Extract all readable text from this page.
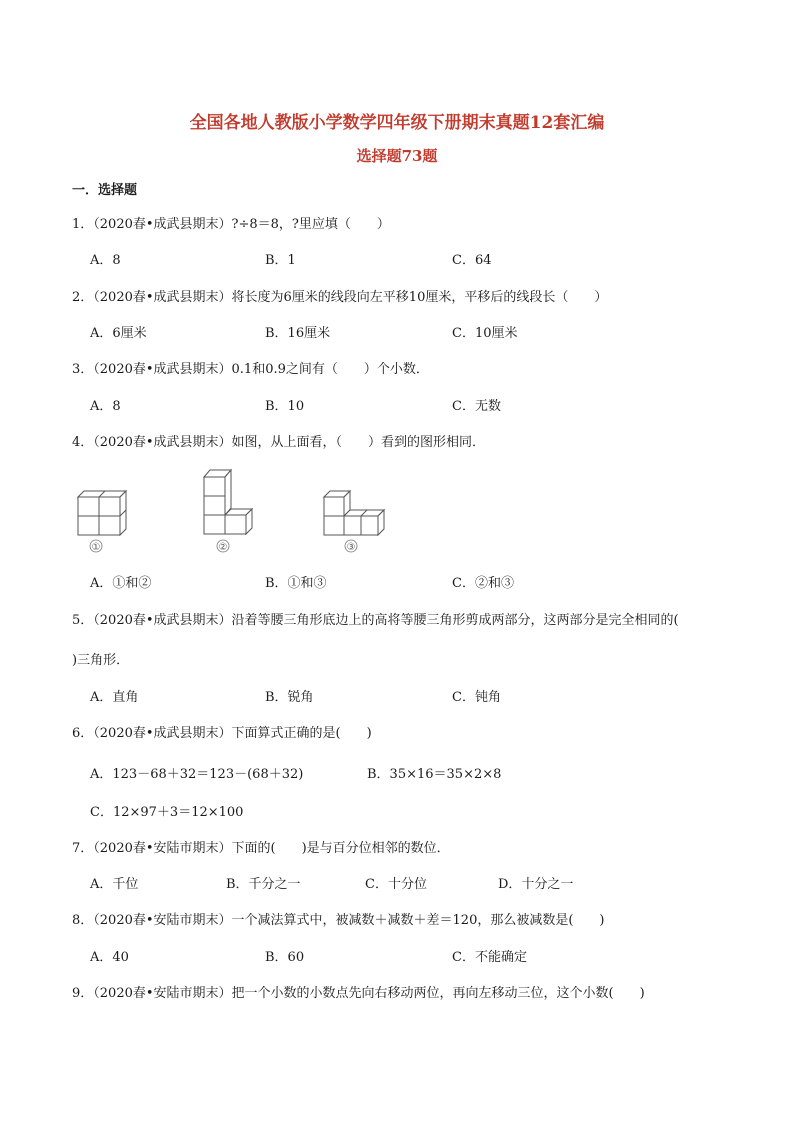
全国各地人教版小学数学四年级下册期末真题12套汇编
选择题73题
一．选择题
1．（2020春•成武县期末）?÷8＝8，?里应填（　　）
A．8	B．1	C．64
2．（2020春•成武县期末）将长度为6厘米的线段向左平移10厘米，平移后的线段长（　　）
A．6厘米	B．16厘米	C．10厘米
3．（2020春•成武县期末）0.1和0.9之间有（　　）个小数．
A．8	B．10	C．无数
4．（2020春•成武县期末）如图，从上面看，（　　）看到的图形相同．
①	②	③
A．①和②	B．①和③	C．②和③
5．（2020春•成武县期末）沿着等腰三角形底边上的高将等腰三角形剪成两部分，这两部分是完全相同的(
)三角形．
A．直角	B．锐角	C．钝角
6．（2020春•成武县期末）下面算式正确的是(　　)
A．123－68＋32＝123－(68＋32)	B．35×16＝35×2×8
C．12×97＋3＝12×100
7．（2020春•安陆市期末）下面的(　　)是与百分位相邻的数位．
A．千位	B．千分之一	C．十分位	D．十分之一
8．（2020春•安陆市期末）一个减法算式中，被减数＋减数＋差＝120，那么被减数是(　　)
A．40	B．60	C．不能确定
9．（2020春•安陆市期末）把一个小数的小数点先向右移动两位，再向左移动三位，这个小数(　　)
